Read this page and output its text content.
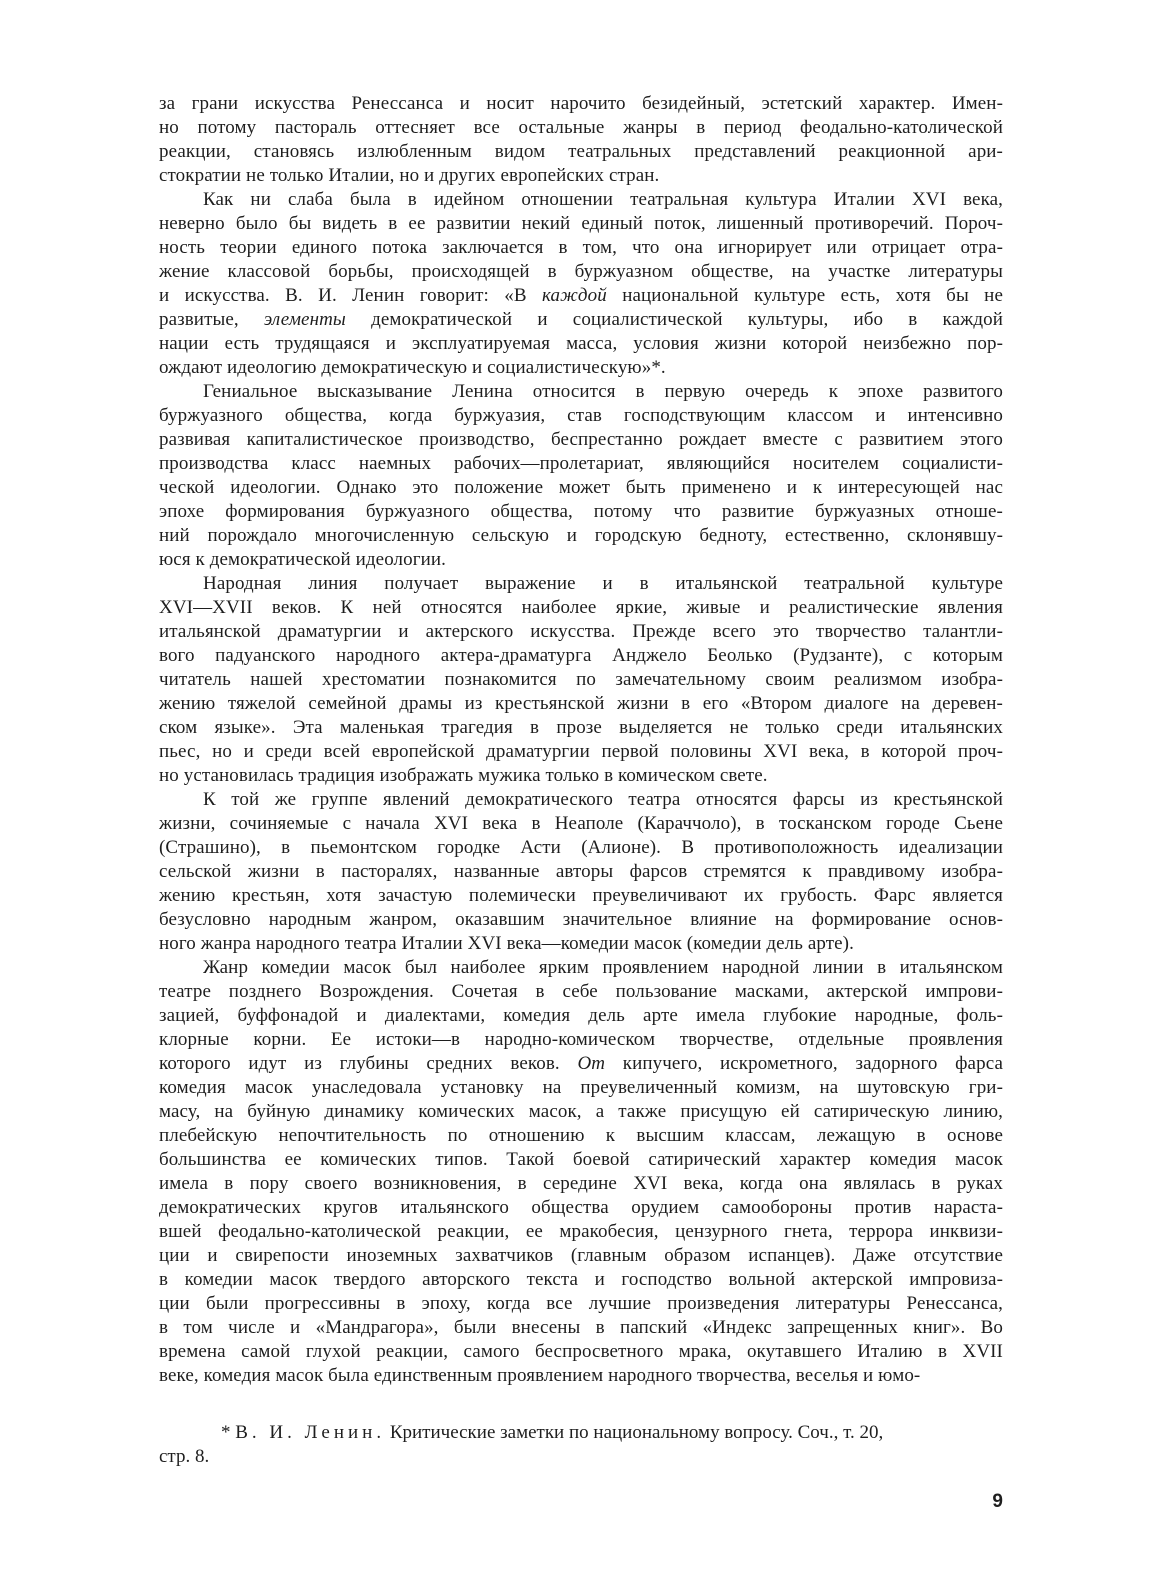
за грани искусства Ренессанса и носит нарочито безидейный, эстетский характер. Имен-

но потому пастораль оттесняет все остальные жанры в период феодально-католической

реакции, становясь излюбленным видом театральных представлений реакционной ари-

стократии не только Италии, но и других европейских стран.

Как ни слаба была в идейном отношении театральная культура Италии XVI века,

неверно было бы видеть в ее развитии некий единый поток, лишенный противоречий. Пороч-

ность теории единого потока заключается в том, что она игнорирует или отрицает отра-

жение классовой борьбы, происходящей в буржуазном обществе, на участке литературы

и искусства. В. И. Ленин говорит: «В каждой национальной культуре есть, хотя бы не

развитые, элементы демократической и социалистической культуры, ибо в каждой

нации есть трудящаяся и эксплуатируемая масса, условия жизни которой неизбежно пор-

ождают идеологию демократическую и социалистическую»*.

Гениальное высказывание Ленина относится в первую очередь к эпохе развитого

буржуазного общества, когда буржуазия, став господствующим классом и интенсивно

развивая капиталистическое производство, беспрестанно рождает вместе с развитием этого

производства класс наемных рабочих—пролетариат, являющийся носителем социалисти-

ческой идеологии. Однако это положение может быть применено и к интересующей нас

эпохе формирования буржуазного общества, потому что развитие буржуазных отноше-

ний порождало многочисленную сельскую и городскую бедноту, естественно, склонявшу-

юся к демократической идеологии.

Народная линия получает выражение и в итальянской театральной культуре

XVI—XVII веков. К ней относятся наиболее яркие, живые и реалистические явления

итальянской драматургии и актерского искусства. Прежде всего это творчество талантли-

вого падуанского народного актера-драматурга Анджело Беолько (Рудзанте), с которым

читатель нашей хрестоматии познакомится по замечательному своим реализмом изобра-

жению тяжелой семейной драмы из крестьянской жизни в его «Втором диалоге на деревен-

ском языке». Эта маленькая трагедия в прозе выделяется не только среди итальянских

пьес, но и среди всей европейской драматургии первой половины XVI века, в которой проч-

но установилась традиция изображать мужика только в комическом свете.

К той же группе явлений демократического театра относятся фарсы из крестьянской

жизни, сочиняемые с начала XVI века в Неаполе (Караччоло), в тосканском городе Сьене

(Страшино), в пьемонтском городке Асти (Алионе). В противоположность идеализации

сельской жизни в пасторалях, названные авторы фарсов стремятся к правдивому изобра-

жению крестьян, хотя зачастую полемически преувеличивают их грубость. Фарс является

безусловно народным жанром, оказавшим значительное влияние на формирование основ-

ного жанра народного театра Италии XVI века—комедии масок (комедии дель арте).

Жанр комедии масок был наиболее ярким проявлением народной линии в итальянском

театре позднего Возрождения. Сочетая в себе пользование масками, актерской импрови-

зацией, буффонадой и диалектами, комедия дель арте имела глубокие народные, фоль-

клорные корни. Ее истоки—в народно-комическом творчестве, отдельные проявления

которого идут из глубины средних веков. От кипучего, искрометного, задорного фарса

комедия масок унаследовала установку на преувеличенный комизм, на шутовскую гри-

масу, на буйную динамику комических масок, а также присущую ей сатирическую линию,

плебейскую непочтительность по отношению к высшим классам, лежащую в основе

большинства ее комических типов. Такой боевой сатирический характер комедия масок

имела в пору своего возникновения, в середине XVI века, когда она являлась в руках

демократических кругов итальянского общества орудием самообороны против нараста-

вшей феодально-католической реакции, ее мракобесия, цензурного гнета, террора инквизи-

ции и свирепости иноземных захватчиков (главным образом испанцев). Даже отсутствие

в комедии масок твердого авторского текста и господство вольной актерской импровиза-

ции были прогрессивны в эпоху, когда все лучшие произведения литературы Ренессанса,

в том числе и «Мандрагора», были внесены в папский «Индекс запрещенных книг». Во

времена самой глухой реакции, самого беспросветного мрака, окутавшего Италию в XVII

веке, комедия масок была единственным проявлением народного творчества, веселья и юмо-

* В. И. Ленин. Критические заметки по национальному вопросу. Соч., т. 20,
стр. 8.

9
